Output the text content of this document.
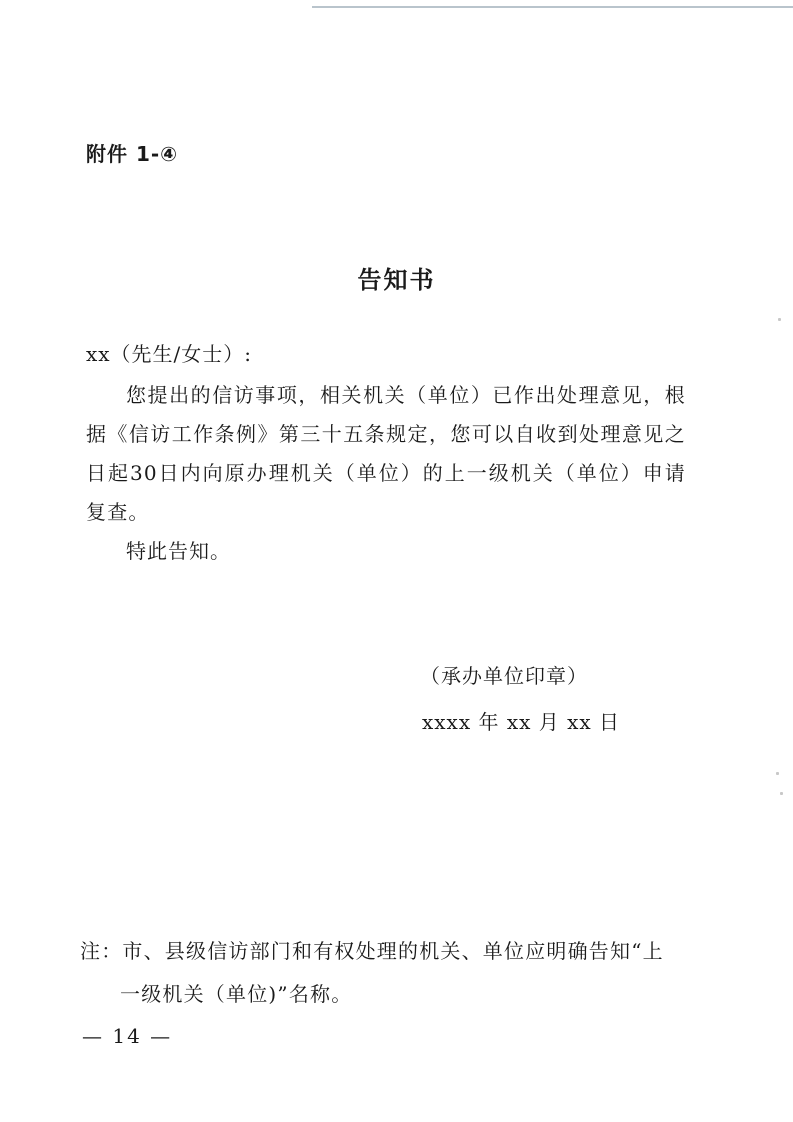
附件 1-④
告知书
xx（先生/女士）:
您提出的信访事项，相关机关（单位）已作出处理意见，根据《信访工作条例》第三十五条规定，您可以自收到处理意见之日起30日内向原办理机关（单位）的上一级机关（单位）申请复查。
特此告知。
（承办单位印章）
xxxx 年 xx 月 xx 日
注：市、县级信访部门和有权处理的机关、单位应明确告知“上
一级机关（单位)”名称。
— 14 —
